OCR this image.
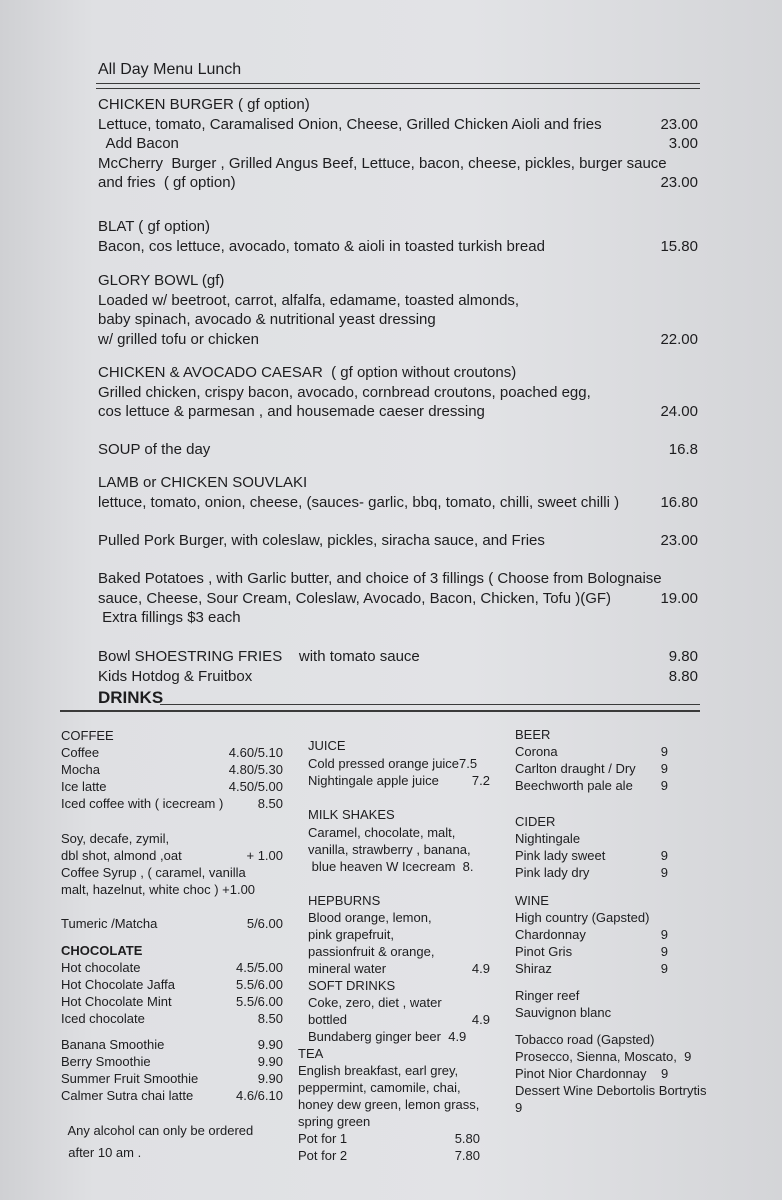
All Day Menu Lunch
CHICKEN BURGER ( gf option)
Lettuce, tomato, Caramalised Onion, Cheese, Grilled Chicken Aioli and fries	23.00
Add Bacon	3.00
McCherry  Burger , Grilled Angus Beef, Lettuce, bacon, cheese, pickles, burger sauce
and fries  ( gf option)	23.00
BLAT ( gf option)
Bacon, cos lettuce, avocado, tomato & aioli in toasted turkish bread	15.80
GLORY BOWL (gf)
Loaded w/ beetroot, carrot, alfalfa, edamame, toasted almonds,
baby spinach, avocado & nutritional yeast dressing
w/ grilled tofu or chicken	22.00
CHICKEN & AVOCADO CAESAR  ( gf option without croutons)
Grilled chicken, crispy bacon, avocado, cornbread croutons, poached egg,
cos lettuce & parmesan , and housemade caeser dressing	24.00
SOUP of the day	16.8
LAMB or CHICKEN SOUVLAKI
lettuce, tomato, onion, cheese, (sauces- garlic, bbq, tomato, chilli, sweet chilli )	16.80
Pulled Pork Burger, with coleslaw, pickles, siracha sauce, and Fries	23.00
Baked Potatoes , with Garlic butter, and choice of 3 fillings ( Choose from Bolognaise
sauce, Cheese, Sour Cream, Coleslaw, Avocado, Bacon, Chicken, Tofu )(GF)	19.00
Extra fillings $3 each
Bowl SHOESTRING FRIES    with tomato sauce	9.80
Kids Hotdog & Fruitbox	8.80
DRINKS
COFFEE
Coffee	4.60/5.10
Mocha	4.80/5.30
Ice latte	4.50/5.00
Iced coffee with ( icecream )	8.50
Soy, decafe, zymil,
dbl shot, almond ,oat	+ 1.00
Coffee Syrup , ( caramel, vanilla
malt, hazelnut, white choc ) +1.00
Tumeric /Matcha	5/6.00
CHOCOLATE
Hot chocolate	4.5/5.00
Hot Chocolate Jaffa	5.5/6.00
Hot Chocolate Mint	5.5/6.00
Iced chocolate	8.50
Banana Smoothie	9.90
Berry Smoothie	9.90
Summer Fruit Smoothie	9.90
Calmer Sutra chai latte	4.6/6.10
Any alcohol can only be ordered
after 10 am .
JUICE
Cold pressed orange juice7.5
Nightingale apple juice	7.2
MILK SHAKES
Caramel, chocolate, malt,
vanilla, strawberry , banana,
blue heaven W Icecream  8.
HEPBURNS
Blood orange, lemon,
pink grapefruit,
passionfruit & orange,
mineral water	4.9
SOFT DRINKS
Coke, zero, diet , water
bottled	4.9
Bundaberg ginger beer  4.9
TEA
English breakfast, earl grey,
peppermint, camomile, chai,
honey dew green, lemon grass,
spring green
Pot for 1	5.80
Pot for 2	7.80
BEER
Corona	9
Carlton draught / Dry	9
Beechworth pale ale	9
CIDER
Nightingale
Pink lady sweet	9
Pink lady dry	9
WINE
High country (Gapsted)
Chardonnay	9
Pinot Gris	9
Shiraz	9
Ringer reef
Sauvignon blanc
Tobacco road (Gapsted)
Prosecco, Sienna, Moscato,  9
Pinot Nior Chardonnay    9
Dessert Wine Debortolis Bortrytis
9
